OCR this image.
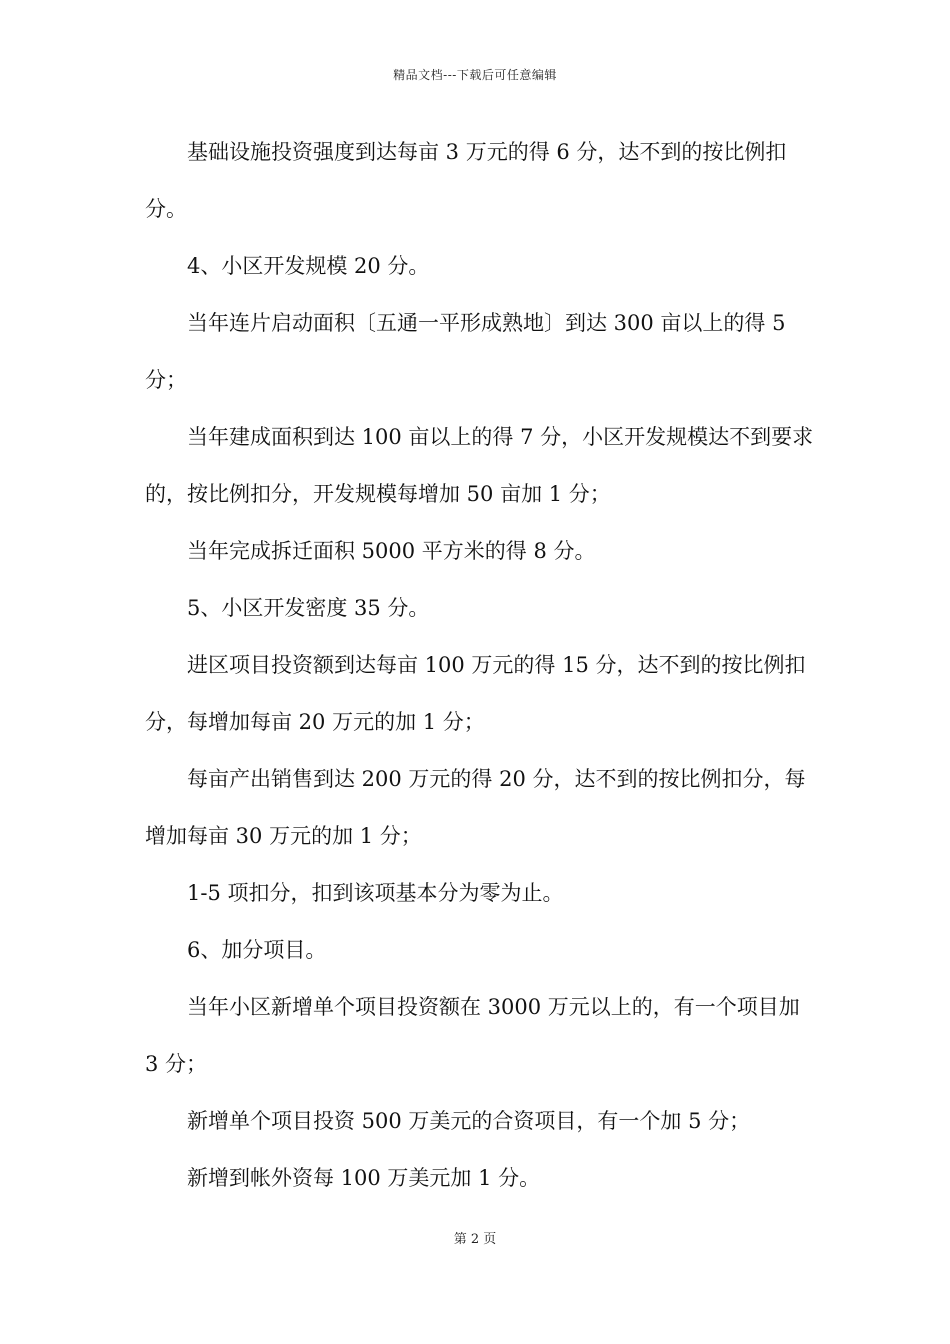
精品文档---下载后可任意编辑

基础设施投资强度到达每亩 3 万元的得 6 分，达不到的按比例扣分。

4、小区开发规模 20 分。

当年连片启动面积〔五通一平形成熟地〕到达 300 亩以上的得 5 分；

当年建成面积到达 100 亩以上的得 7 分，小区开发规模达不到要求的，按比例扣分，开发规模每增加 50 亩加 1 分；

当年完成拆迁面积 5000 平方米的得 8 分。

5、小区开发密度 35 分。

进区项目投资额到达每亩 100 万元的得 15 分，达不到的按比例扣分，每增加每亩 20 万元的加 1 分；

每亩产出销售到达 200 万元的得 20 分，达不到的按比例扣分，每增加每亩 30 万元的加 1 分；

1-5 项扣分，扣到该项基本分为零为止。

6、加分项目。

当年小区新增单个项目投资额在 3000 万元以上的，有一个项目加 3 分；

新增单个项目投资 500 万美元的合资项目，有一个加 5 分；

新增到帐外资每 100 万美元加 1 分。

第 2 页
